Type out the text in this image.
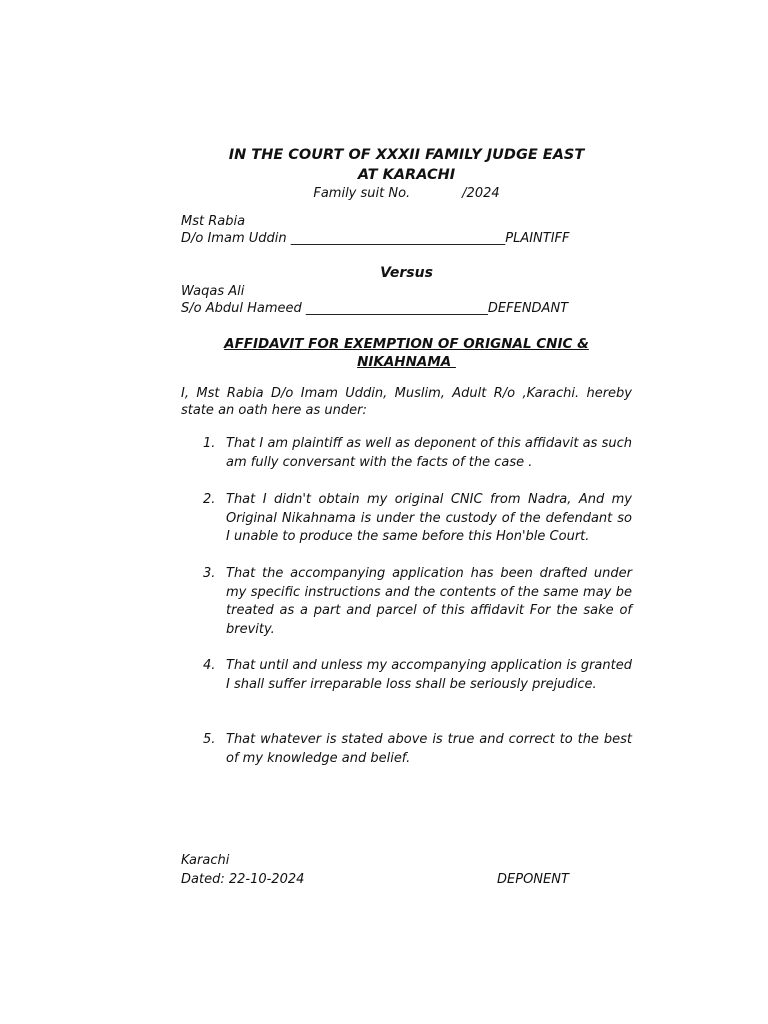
IN THE COURT OF XXXII FAMILY JUDGE EAST
AT KARACHI
Family suit No.	/2024
Mst Rabia
D/o Imam Uddin _________________________________PLAINTIFF
Versus
Waqas Ali
S/o Abdul Hameed ____________________________DEFENDANT
AFFIDAVIT FOR EXEMPTION OF ORIGNAL CNIC &
NIKAHNAMA
I, Mst Rabia D/o Imam Uddin, Muslim, Adult R/o ,Karachi. hereby state an oath here as under:
1. That I am plaintiff as well as deponent of this affidavit as such am fully conversant with the facts of the case .
2. That I didn't obtain my original CNIC from Nadra, And my Original Nikahnama is under the custody of the defendant so I unable to produce the same before this Hon'ble Court.
3. That the accompanying application has been drafted under my specific instructions and the contents of the same may be treated as a part and parcel of this affidavit For the sake of brevity.
4. That until and unless my accompanying application is granted I shall suffer irreparable loss shall be seriously prejudice.
5. That whatever is stated above is true and correct to the best of my knowledge and belief.
Karachi
Dated: 22-10-2024	DEPONENT
